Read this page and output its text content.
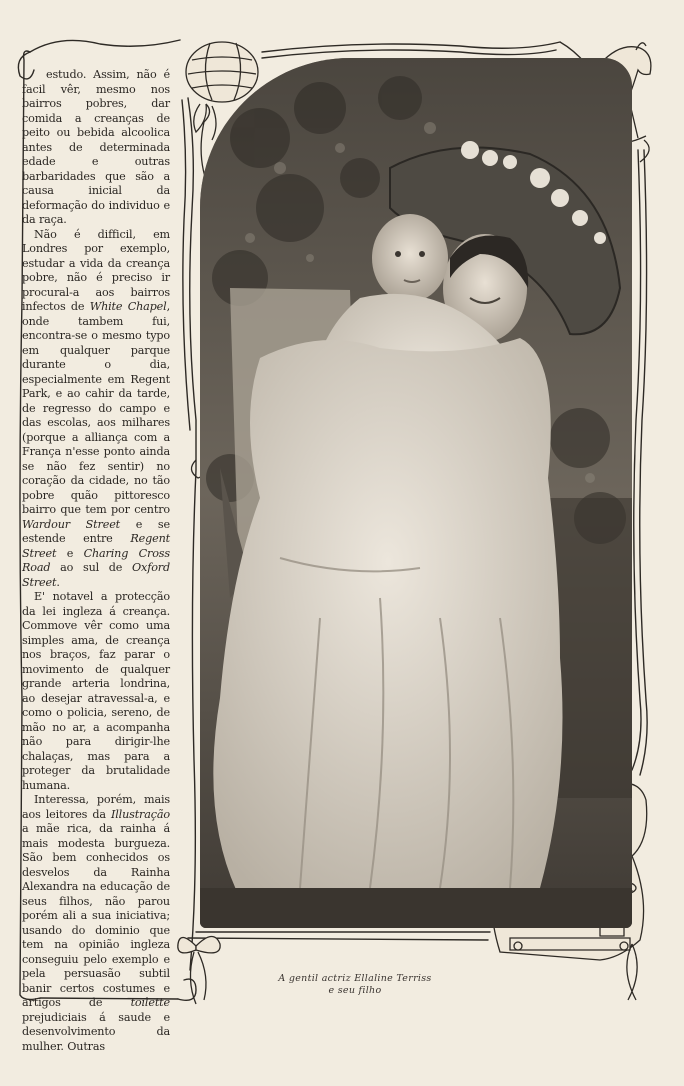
estudo. Assim, não é facil vêr, mesmo nos bairros pobres, dar comida a creanças de peito ou bebida alcoolica antes de determinada edade e outras barbaridades que são a causa inicial da deformação do individuo e da raça.

Não é difficil, em Londres por exemplo, estudar a vida da creança pobre, não é preciso ir procural-a aos bairros infectos de White Chapel, onde tambem fui, encontra-se o mesmo typo em qualquer parque durante o dia, especialmente em Regent Park, e ao cahir da tarde, de regresso do campo e das escolas, aos milhares (porque a alliança com a França n'esse ponto ainda se não fez sentir) no coração da cidade, no tão pobre quão pittoresco bairro que tem por centro Wardour Street e se estende entre Regent Street e Charing Cross Road ao sul de Oxford Street.

E' notavel a protecção da lei ingleza á creança. Commove vêr como uma simples ama, de creança nos braços, faz parar o movimento de qualquer grande arteria londrina, ao desejar atravessal-a, e como o policia, sereno, de mão no ar, a acompanha não para dirigir-lhe chalaças, mas para a proteger da brutalidade humana.

Interessa, porém, mais aos leitores da Illustração a mãe rica, da rainha á mais modesta burgueza. São bem conhecidos os desvelos da Rainha Alexandra na educação de seus filhos, não parou porém ali a sua iniciativa; usando do dominio que tem na opinião ingleza conseguiu pelo exemplo e pela persuasão subtil banir certos costumes e artigos de toilette prejudiciais á saude e desenvolvimento da mulher. Outras

A gentil actriz Ellaline Terriss
e seu filho
